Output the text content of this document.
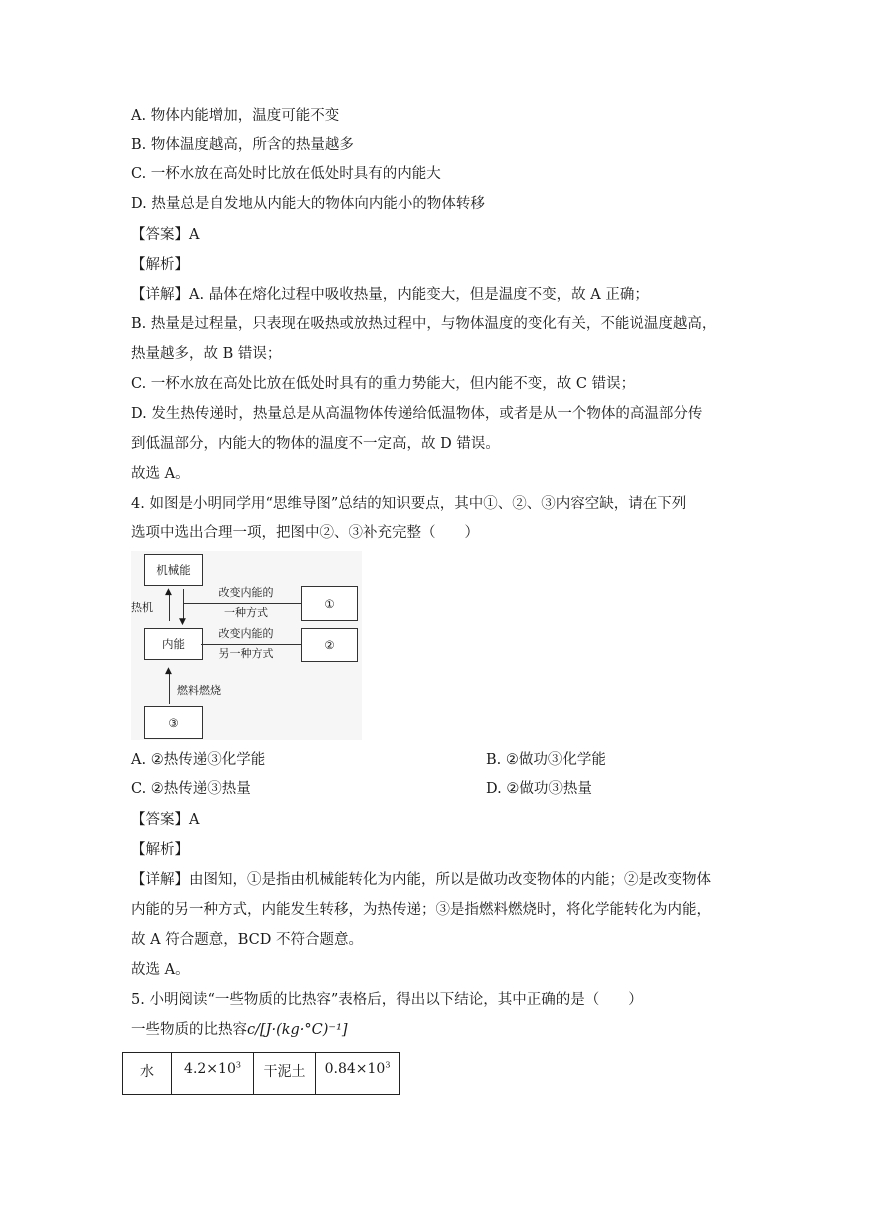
A. 物体内能增加，温度可能不变
B. 物体温度越高，所含的热量越多
C. 一杯水放在高处时比放在低处时具有的内能大
D. 热量总是自发地从内能大的物体向内能小的物体转移
【答案】A
【解析】
【详解】A. 晶体在熔化过程中吸收热量，内能变大，但是温度不变，故 A 正确；
B. 热量是过程量，只表现在吸热或放热过程中，与物体温度的变化有关，不能说温度越高，
热量越多，故 B 错误；
C. 一杯水放在高处比放在低处时具有的重力势能大，但内能不变，故 C 错误；
D. 发生热传递时，热量总是从高温物体传递给低温物体，或者是从一个物体的高温部分传
到低温部分，内能大的物体的温度不一定高，故 D 错误。
故选 A。
4. 如图是小明同学用“思维导图”总结的知识要点，其中①、②、③内容空缺，请在下列
选项中选出合理一项，把图中②、③补充完整（　　）
机械能
内能
①
②
③
▲
▼
热机
改变内能的
一种方式
改变内能的
另一种方式
▲
燃料燃烧
A. ②热传递③化学能	B. ②做功③化学能
C. ②热传递③热量	D. ②做功③热量
【答案】A
【解析】
【详解】由图知，①是指由机械能转化为内能，所以是做功改变物体的内能；②是改变物体
内能的另一种方式，内能发生转移，为热传递；③是指燃料燃烧时，将化学能转化为内能，
故 A 符合题意，BCD 不符合题意。
故选 A。
5. 小明阅读“一些物质的比热容”表格后，得出以下结论，其中正确的是（　　）
一些物质的比热容c/[J·(kg·°C)⁻¹]
水	$4.2\times 10^3$	干泥土	$0.84\times 10^3$
